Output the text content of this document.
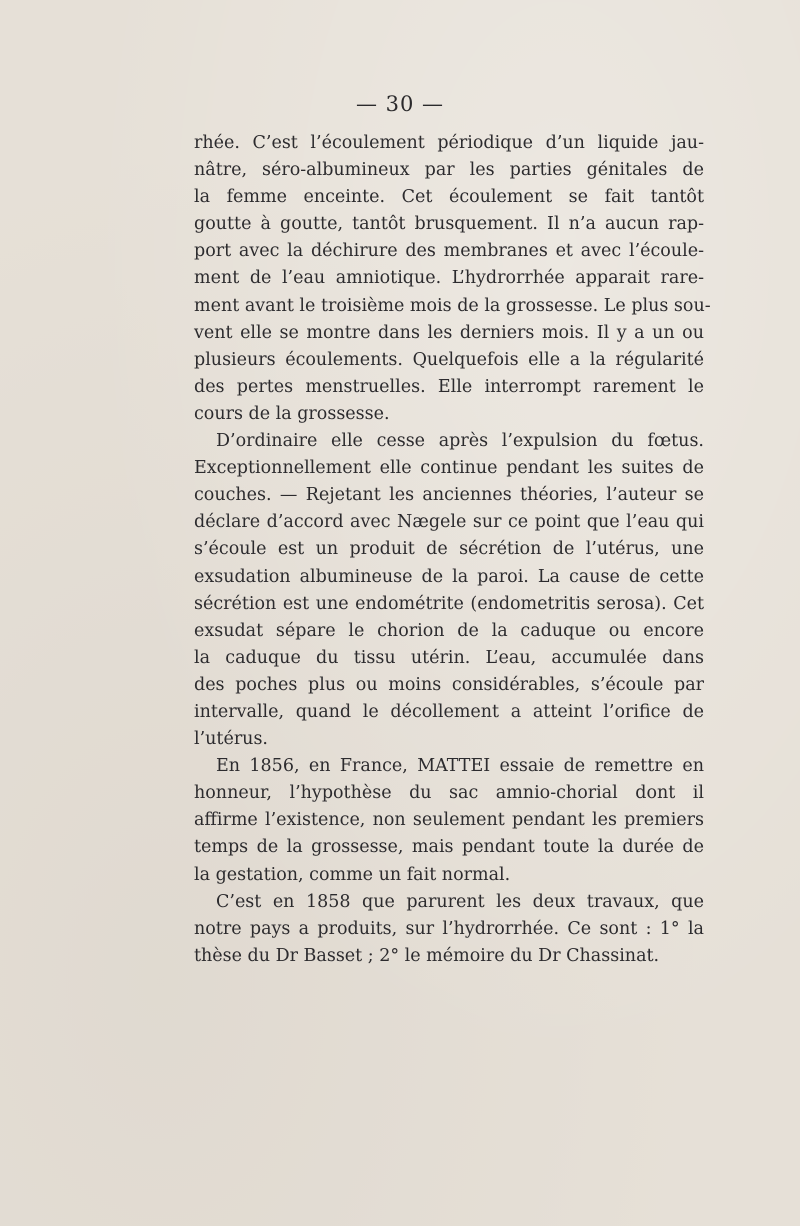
— 30 —
rhée. C’est l’écoulement périodique d’un liquide jau-
nâtre, séro-albumineux par les parties génitales de
la femme enceinte. Cet écoulement se fait tantôt
goutte à goutte, tantôt brusquement. Il n’a aucun rap-
port avec la déchirure des membranes et avec l’écoule-
ment de l’eau amniotique. L’hydrorrhée apparait rare-
ment avant le troisième mois de la grossesse. Le plus sou-
vent elle se montre dans les derniers mois. Il y a un ou
plusieurs écoulements. Quelquefois elle a la régularité
des pertes menstruelles. Elle interrompt rarement le
cours de la grossesse.
D’ordinaire elle cesse après l’expulsion du fœtus.
Exceptionnellement elle continue pendant les suites de
couches. — Rejetant les anciennes théories, l’auteur se
déclare d’accord avec Nægele sur ce point que l’eau qui
s’écoule est un produit de sécrétion de l’utérus, une
exsudation albumineuse de la paroi. La cause de cette
sécrétion est une endométrite (endometritis serosa). Cet
exsudat sépare le chorion de la caduque ou encore
la caduque du tissu utérin. L’eau, accumulée dans
des poches plus ou moins considérables, s’écoule par
intervalle, quand le décollement a atteint l’orifice de
l’utérus.
En 1856, en France, MATTEI essaie de remettre en
honneur, l’hypothèse du sac amnio-chorial dont il
affirme l’existence, non seulement pendant les premiers
temps de la grossesse, mais pendant toute la durée de
la gestation, comme un fait normal.
C’est en 1858 que parurent les deux travaux, que
notre pays a produits, sur l’hydrorrhée. Ce sont : 1° la
thèse du Dr Basset ; 2° le mémoire du Dr Chassinat.
